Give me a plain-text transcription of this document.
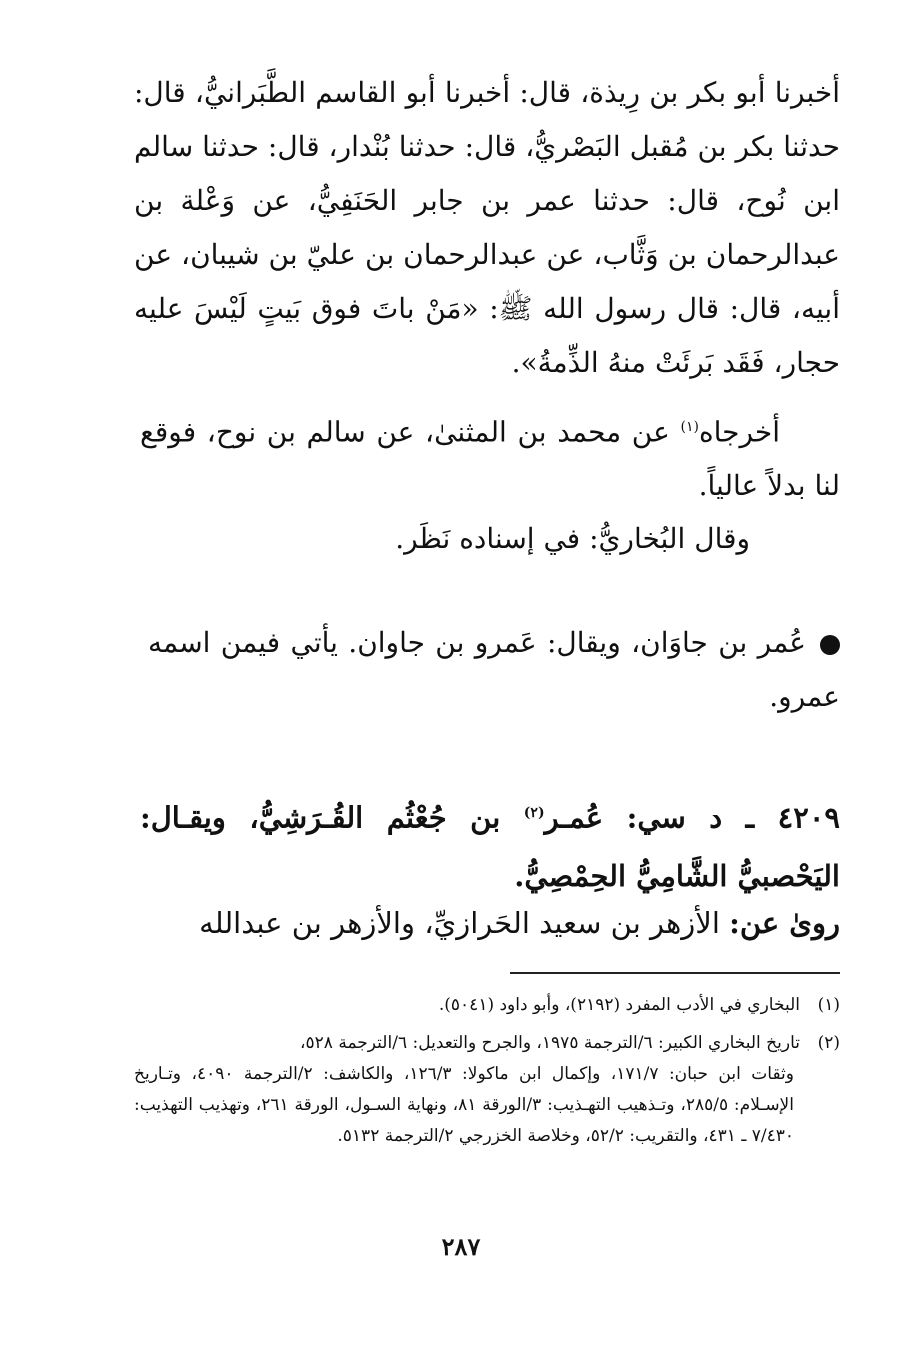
أخبرنا أبو بكر بن رِيذة، قال: أخبرنا أبو القاسم الطَّبَرانيُّ، قال: حدثنا بكر بن مُقبل البَصْريُّ، قال: حدثنا بُنْدار، قال: حدثنا سالم ابن نُوح، قال: حدثنا عمر بن جابر الحَنَفِيُّ، عن وَعْلة بن عبدالرحمان بن وَثَّاب، عن عبدالرحمان بن عليّ بن شيبان، عن أبيه، قال: قال رسول الله ﷺ: «مَنْ باتَ فوق بَيتٍ لَيْسَ عليه حجار، فَقَد بَرئَتْ منهُ الذِّمةُ».
أخرجاه$^{(١)}$ عن محمد بن المثنىٰ، عن سالم بن نوح، فوقع لنا بدلاً عالياً.
وقال البُخاريُّ: في إسناده نَظَر.
عُمر بن جاوَان، ويقال: عَمرو بن جاوان. يأتي فيمن اسمه عمرو.
٤٢٠٩ ـ د سي: عُمـر$^{(٢)}$ بن جُعْثُم القُـرَشِيُّ، ويقـال: اليَحْصبيُّ الشَّامِيُّ الحِمْصِيُّ.
روىٰ عن: الأزهر بن سعيد الحَرازيِّ، والأزهر بن عبدالله
(١)البخاري في الأدب المفرد (٢١٩٢)، وأبو داود (٥٠٤١).
(٢)تاريخ البخاري الكبير: ٦/الترجمة ١٩٧٥، والجرح والتعديل: ٦/الترجمة ٥٢٨،
وثقات ابن حبان: ١٧١/٧، وإكمال ابن ماكولا: ١٢٦/٣، والكاشف: ٢/الترجمة ٤٠٩٠، وتـاريخ الإسـلام: ٢٨٥/٥، وتـذهيب التهـذيب: ٣/الورقة ٨١، ونهاية السـول، الورقة ٢٦١، وتهذيب التهذيب: ٧/٤٣٠ ـ ٤٣١، والتقريب: ٥٢/٢، وخلاصة الخزرجي ٢/الترجمة ٥١٣٢.
٢٨٧
